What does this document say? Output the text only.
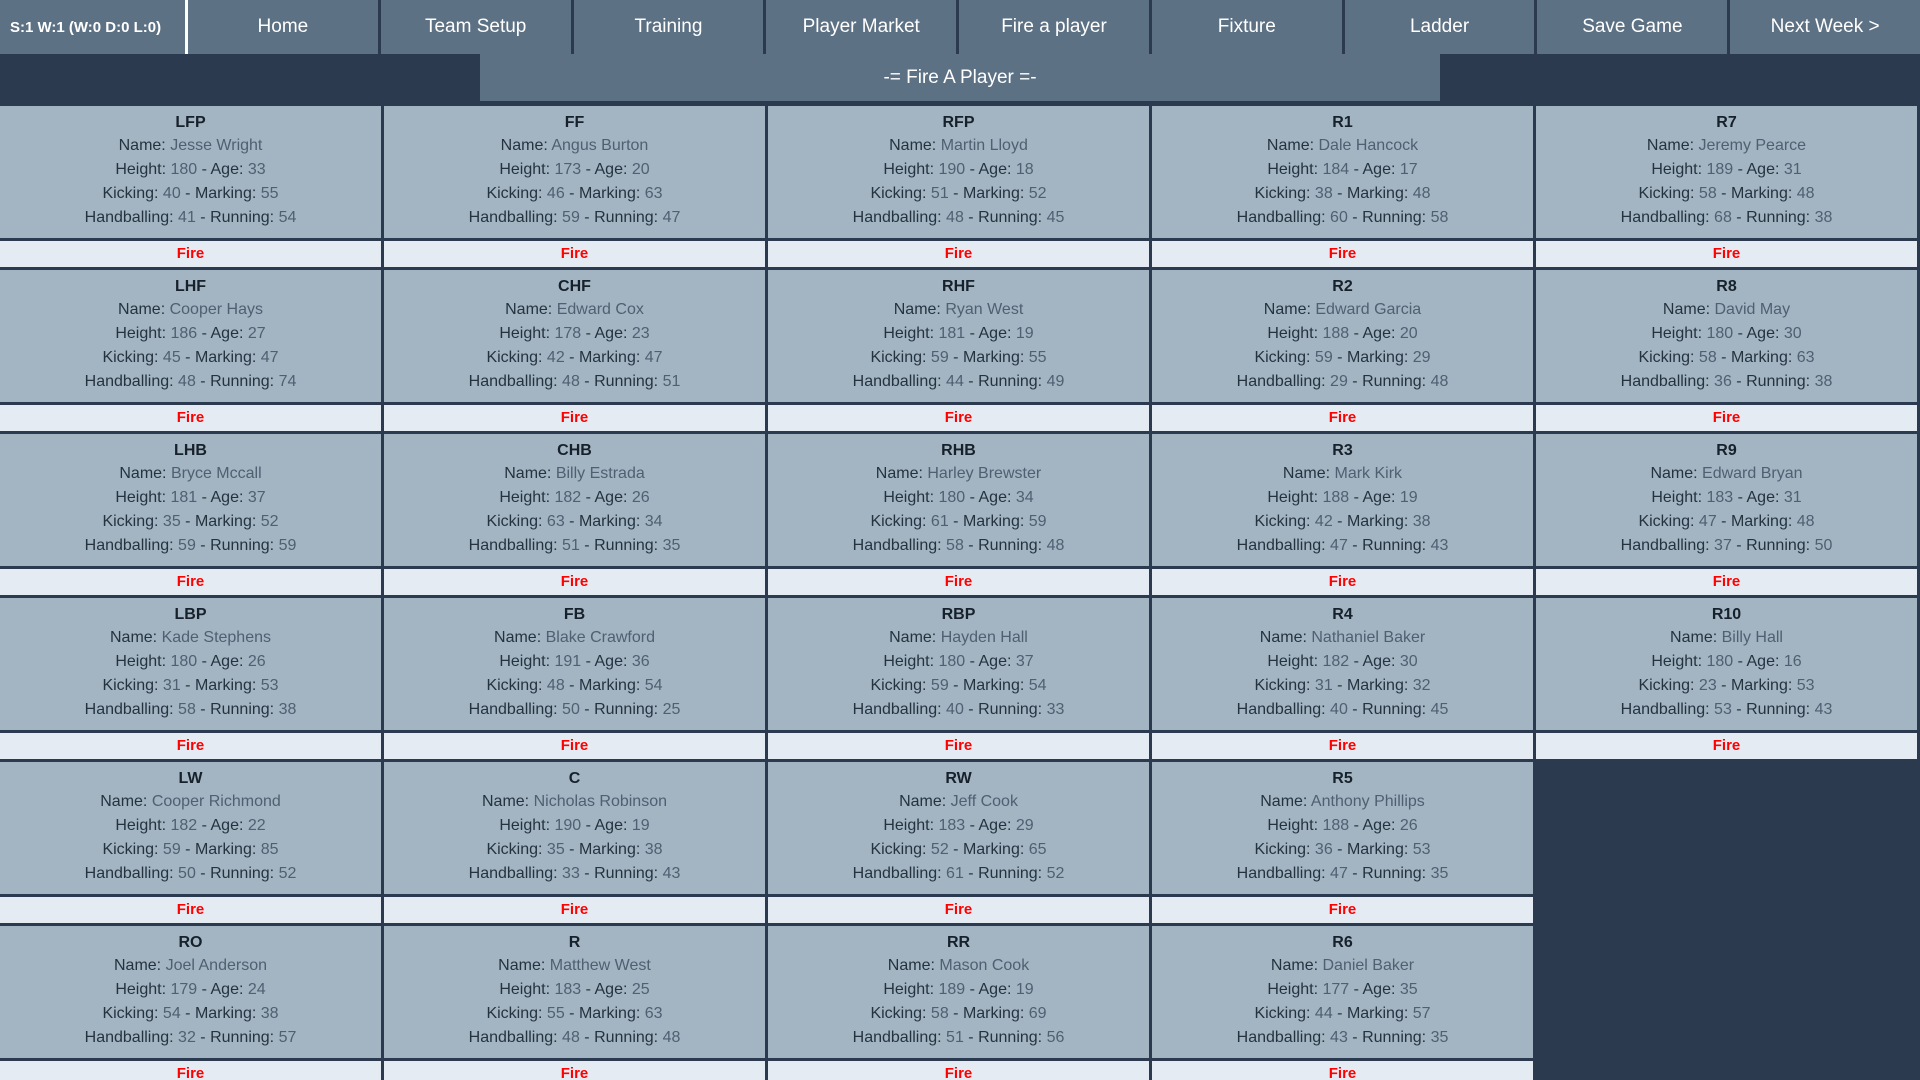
S:1 W:1 (W:0 D:0 L:0)	Home	Team Setup	Training	Player Market	Fire a player	Fixture	Ladder	Save Game	Next Week >
-= Fire A Player =-
LFP
Name: Jesse Wright
Height: 180 - Age: 33
Kicking: 40 - Marking: 55
Handballing: 41 - Running: 54
Fire
LHF
Name: Cooper Hays
Height: 186 - Age: 27
Kicking: 45 - Marking: 47
Handballing: 48 - Running: 74
Fire
LHB
Name: Bryce Mccall
Height: 181 - Age: 37
Kicking: 35 - Marking: 52
Handballing: 59 - Running: 59
Fire
LBP
Name: Kade Stephens
Height: 180 - Age: 26
Kicking: 31 - Marking: 53
Handballing: 58 - Running: 38
Fire
LW
Name: Cooper Richmond
Height: 182 - Age: 22
Kicking: 59 - Marking: 85
Handballing: 50 - Running: 52
Fire
RO
Name: Joel Anderson
Height: 179 - Age: 24
Kicking: 54 - Marking: 38
Handballing: 32 - Running: 57
Fire
FF
Name: Angus Burton
Height: 173 - Age: 20
Kicking: 46 - Marking: 63
Handballing: 59 - Running: 47
Fire
CHF
Name: Edward Cox
Height: 178 - Age: 23
Kicking: 42 - Marking: 47
Handballing: 48 - Running: 51
Fire
CHB
Name: Billy Estrada
Height: 182 - Age: 26
Kicking: 63 - Marking: 34
Handballing: 51 - Running: 35
Fire
FB
Name: Blake Crawford
Height: 191 - Age: 36
Kicking: 48 - Marking: 54
Handballing: 50 - Running: 25
Fire
C
Name: Nicholas Robinson
Height: 190 - Age: 19
Kicking: 35 - Marking: 38
Handballing: 33 - Running: 43
Fire
R
Name: Matthew West
Height: 183 - Age: 25
Kicking: 55 - Marking: 63
Handballing: 48 - Running: 48
Fire
RFP
Name: Martin Lloyd
Height: 190 - Age: 18
Kicking: 51 - Marking: 52
Handballing: 48 - Running: 45
Fire
RHF
Name: Ryan West
Height: 181 - Age: 19
Kicking: 59 - Marking: 55
Handballing: 44 - Running: 49
Fire
RHB
Name: Harley Brewster
Height: 180 - Age: 34
Kicking: 61 - Marking: 59
Handballing: 58 - Running: 48
Fire
RBP
Name: Hayden Hall
Height: 180 - Age: 37
Kicking: 59 - Marking: 54
Handballing: 40 - Running: 33
Fire
RW
Name: Jeff Cook
Height: 183 - Age: 29
Kicking: 52 - Marking: 65
Handballing: 61 - Running: 52
Fire
RR
Name: Mason Cook
Height: 189 - Age: 19
Kicking: 58 - Marking: 69
Handballing: 51 - Running: 56
Fire
R1
Name: Dale Hancock
Height: 184 - Age: 17
Kicking: 38 - Marking: 48
Handballing: 60 - Running: 58
Fire
R2
Name: Edward Garcia
Height: 188 - Age: 20
Kicking: 59 - Marking: 29
Handballing: 29 - Running: 48
Fire
R3
Name: Mark Kirk
Height: 188 - Age: 19
Kicking: 42 - Marking: 38
Handballing: 47 - Running: 43
Fire
R4
Name: Nathaniel Baker
Height: 182 - Age: 30
Kicking: 31 - Marking: 32
Handballing: 40 - Running: 45
Fire
R5
Name: Anthony Phillips
Height: 188 - Age: 26
Kicking: 36 - Marking: 53
Handballing: 47 - Running: 35
Fire
R6
Name: Daniel Baker
Height: 177 - Age: 35
Kicking: 44 - Marking: 57
Handballing: 43 - Running: 35
Fire
R7
Name: Jeremy Pearce
Height: 189 - Age: 31
Kicking: 58 - Marking: 48
Handballing: 68 - Running: 38
Fire
R8
Name: David May
Height: 180 - Age: 30
Kicking: 58 - Marking: 63
Handballing: 36 - Running: 38
Fire
R9
Name: Edward Bryan
Height: 183 - Age: 31
Kicking: 47 - Marking: 48
Handballing: 37 - Running: 50
Fire
R10
Name: Billy Hall
Height: 180 - Age: 16
Kicking: 23 - Marking: 53
Handballing: 53 - Running: 43
Fire
